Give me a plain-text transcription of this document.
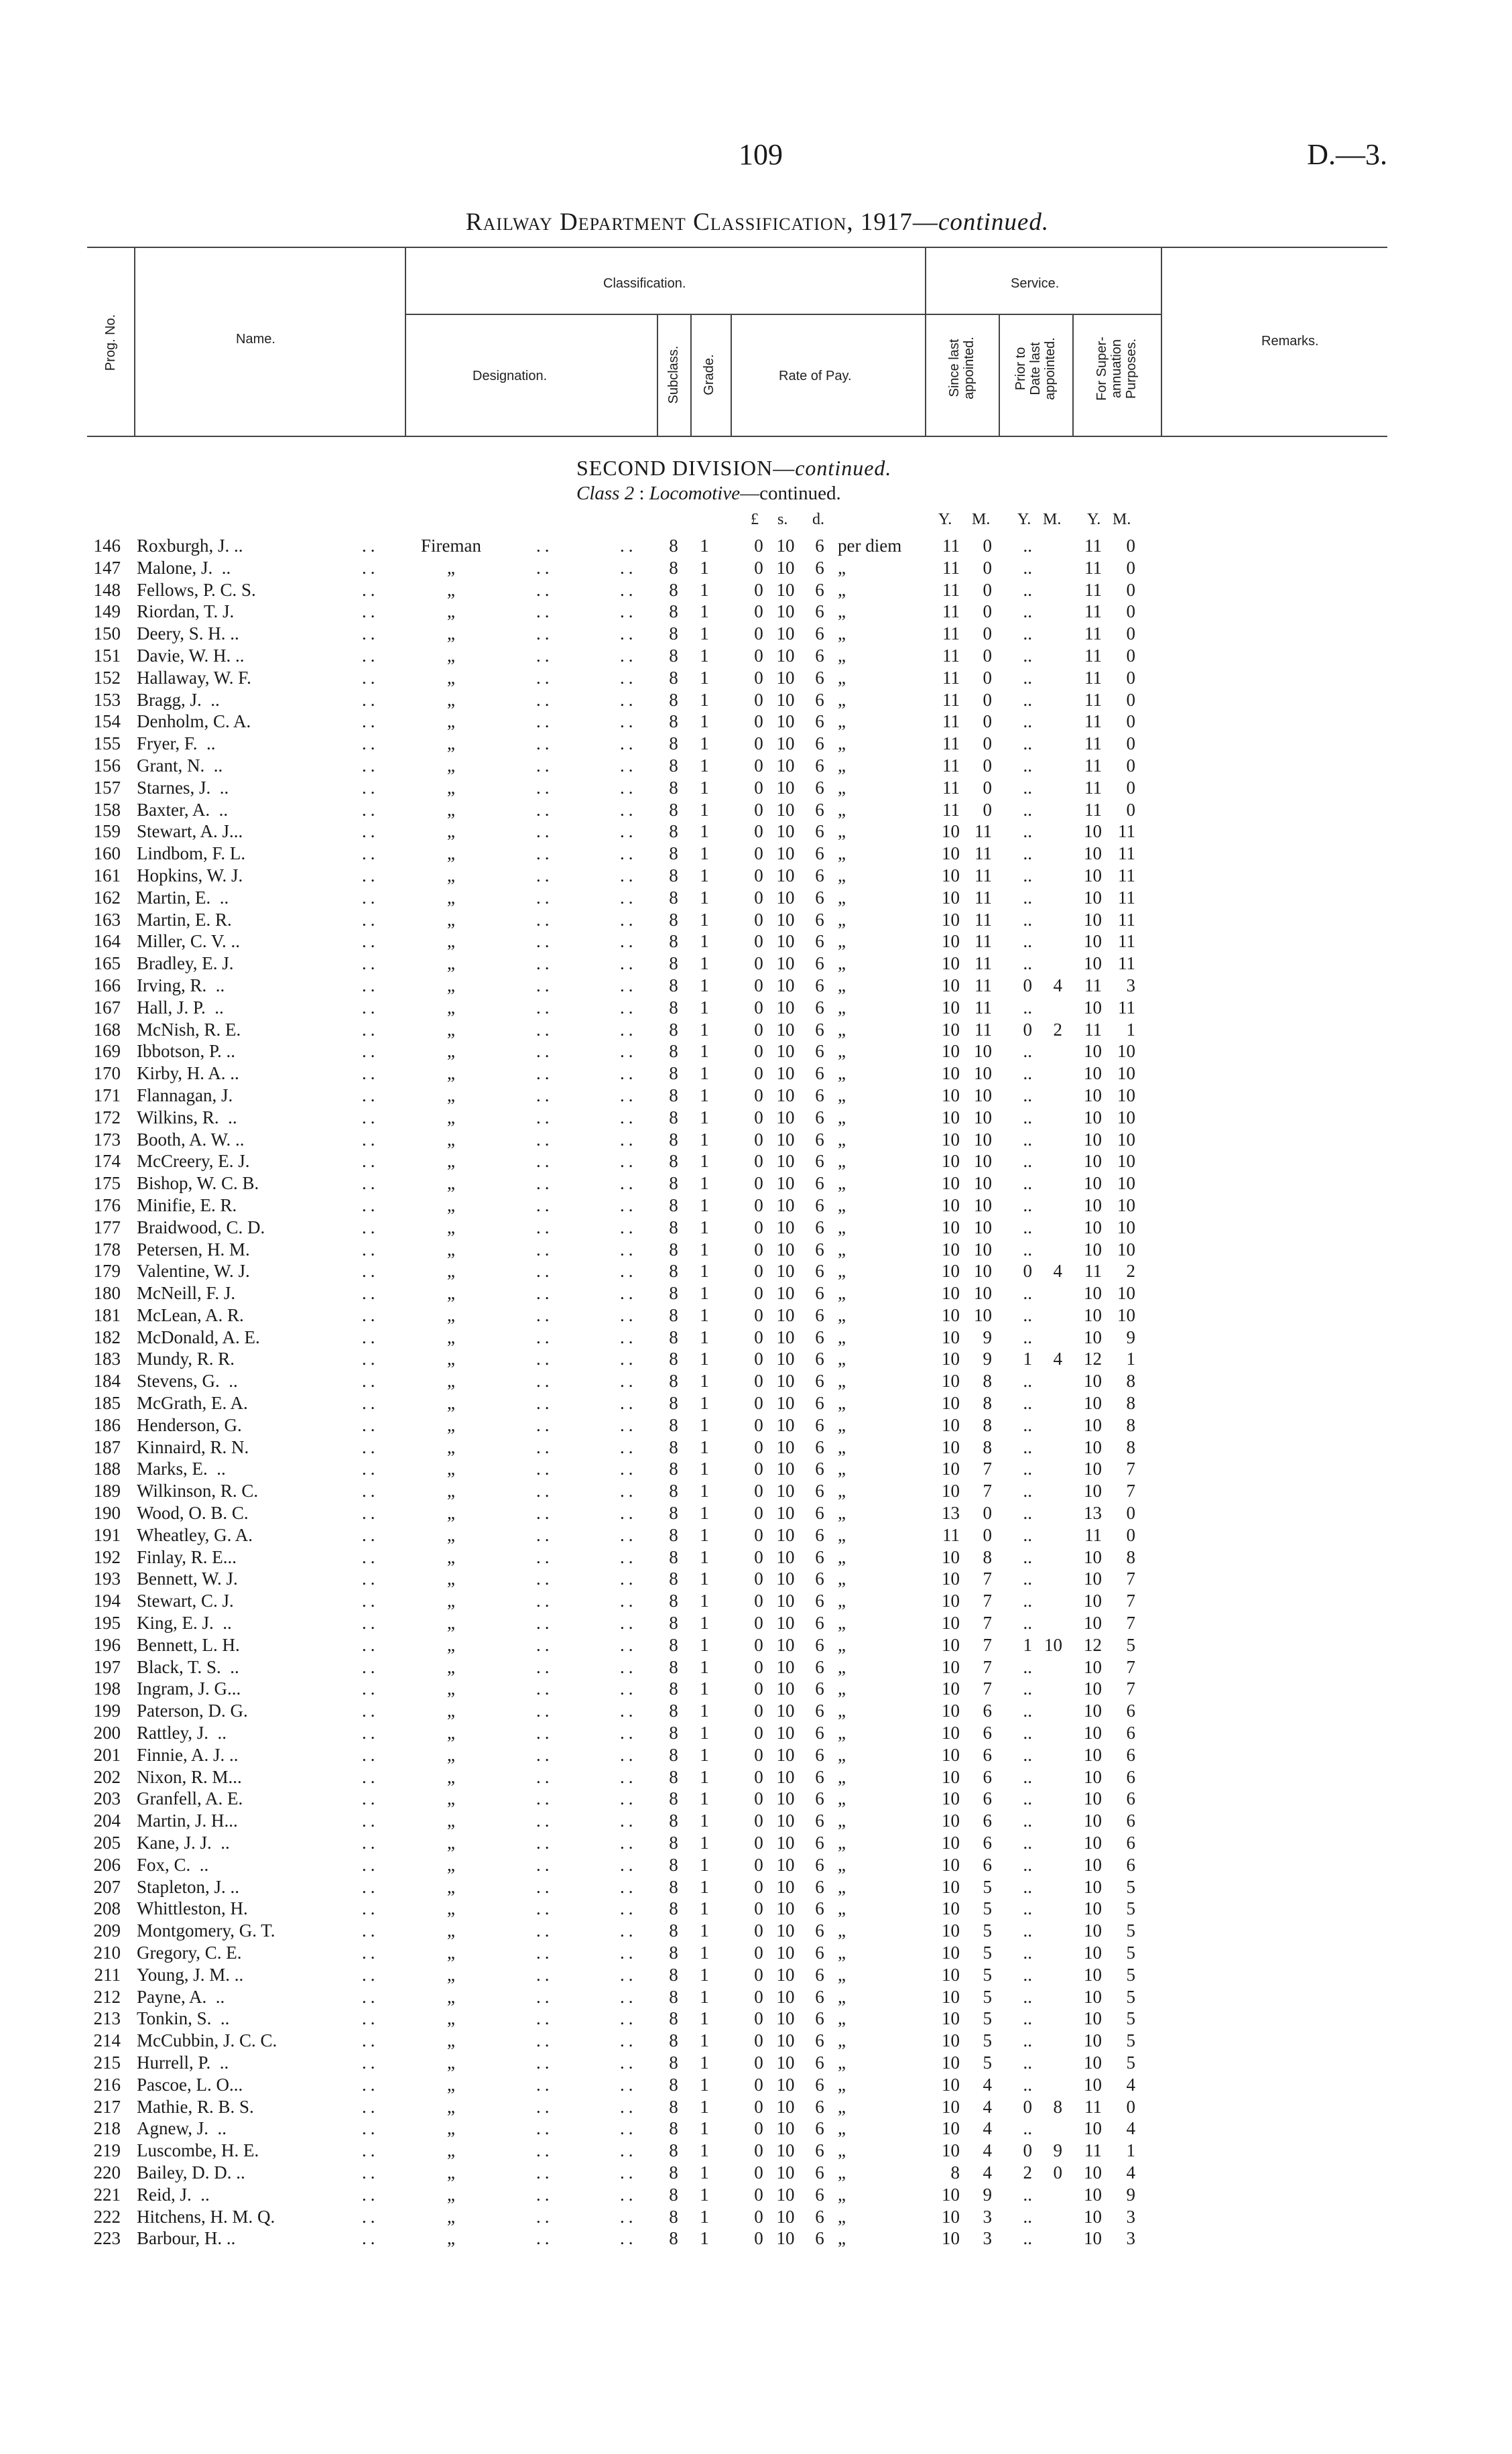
109	D.—3.
Railway Department Classification, 1917—continued.
Prog. No.	Name.
Classification.
Designation.	Subclass. Grade.	Rate of Pay.
Service.
Since last
appointed.	Prior to
Date last
appointed.	For Super-
annuation
Purposes.	Remarks.
SECOND DIVISION—continued.
Class 2 : Locomotive—continued.
£ s. d.	Y. M. Y. M. Y. M.
146 Roxburgh, J. ..	..	Fireman	..	..	8	1	0 10	6 per diem	11	0	..	11	0
147 Malone, J.  ..	..	„	..	..	8	1	0 10	6 „	11	0	..	11	0
148 Fellows, P. C. S.	..	„	..	..	8	1	0 10	6 „	11	0	..	11	0
149 Riordan, T. J.	..	„	..	..	8	1	0 10	6 „	11	0	..	11	0
150 Deery, S. H. ..	..	„	..	..	8	1	0 10	6 „	11	0	..	11	0
151 Davie, W. H. ..	..	„	..	..	8	1	0 10	6 „	11	0	..	11	0
152 Hallaway, W. F.	..	„	..	..	8	1	0 10	6 „	11	0	..	11	0
153 Bragg, J.  ..	..	„	..	..	8	1	0 10	6 „	11	0	..	11	0
154 Denholm, C. A.	..	„	..	..	8	1	0 10	6 „	11	0	..	11	0
155 Fryer, F.  ..	..	„	..	..	8	1	0 10	6 „	11	0	..	11	0
156 Grant, N.  ..	..	„	..	..	8	1	0 10	6 „	11	0	..	11	0
157 Starnes, J.  ..	..	„	..	..	8	1	0 10	6 „	11	0	..	11	0
158 Baxter, A.  ..	..	„	..	..	8	1	0 10	6 „	11	0	..	11	0
159 Stewart, A. J...	..	„	..	..	8	1	0 10	6 „	10 11	..	10 11
160 Lindbom, F. L.	..	„	..	..	8	1	0 10	6 „	10 11	..	10 11
161 Hopkins, W. J.	..	„	..	..	8	1	0 10	6 „	10 11	..	10 11
162 Martin, E.  ..	..	„	..	..	8	1	0 10	6 „	10 11	..	10 11
163 Martin, E. R.	..	„	..	..	8	1	0 10	6 „	10 11	..	10 11
164 Miller, C. V. ..	..	„	..	..	8	1	0 10	6 „	10 11	..	10 11
165 Bradley, E. J.	..	„	..	..	8	1	0 10	6 „	10 11	..	10 11
166 Irving, R.  ..	..	„	..	..	8	1	0 10	6 „	10 11	0	4	11	3
167 Hall, J. P.  ..	..	„	..	..	8	1	0 10	6 „	10 11	..	10 11
168 McNish, R. E.	..	„	..	..	8	1	0 10	6 „	10 11	0	2	11	1
169 Ibbotson, P. ..	..	„	..	..	8	1	0 10	6 „	10 10	..	10 10
170 Kirby, H. A. ..	..	„	..	..	8	1	0 10	6 „	10 10	..	10 10
171 Flannagan, J.	..	„	..	..	8	1	0 10	6 „	10 10	..	10 10
172 Wilkins, R.  ..	..	„	..	..	8	1	0 10	6 „	10 10	..	10 10
173 Booth, A. W. ..	..	„	..	..	8	1	0 10	6 „	10 10	..	10 10
174 McCreery, E. J.	..	„	..	..	8	1	0 10	6 „	10 10	..	10 10
175 Bishop, W. C. B.	..	„	..	..	8	1	0 10	6 „	10 10	..	10 10
176 Minifie, E. R.	..	„	..	..	8	1	0 10	6 „	10 10	..	10 10
177 Braidwood, C. D.	..	„	..	..	8	1	0 10	6 „	10 10	..	10 10
178 Petersen, H. M.	..	„	..	..	8	1	0 10	6 „	10 10	..	10 10
179 Valentine, W. J.	..	„	..	..	8	1	0 10	6 „	10 10	0	4	11	2
180 McNeill, F. J.	..	„	..	..	8	1	0 10	6 „	10 10	..	10 10
181 McLean, A. R.	..	„	..	..	8	1	0 10	6 „	10 10	..	10 10
182 McDonald, A. E.	..	„	..	..	8	1	0 10	6 „	10	9	..	10	9
183 Mundy, R. R.	..	„	..	..	8	1	0 10	6 „	10	9	1	4	12	1
184 Stevens, G.  ..	..	„	..	..	8	1	0 10	6 „	10	8	..	10	8
185 McGrath, E. A.	..	„	..	..	8	1	0 10	6 „	10	8	..	10	8
186 Henderson, G.	..	„	..	..	8	1	0 10	6 „	10	8	..	10	8
187 Kinnaird, R. N.	..	„	..	..	8	1	0 10	6 „	10	8	..	10	8
188 Marks, E.  ..	..	„	..	..	8	1	0 10	6 „	10	7	..	10	7
189 Wilkinson, R. C.	..	„	..	..	8	1	0 10	6 „	10	7	..	10	7
190 Wood, O. B. C.	..	„	..	..	8	1	0 10	6 „	13	0	..	13	0
191 Wheatley, G. A.	..	„	..	..	8	1	0 10	6 „	11	0	..	11	0
192 Finlay, R. E...	..	„	..	..	8	1	0 10	6 „	10	8	..	10	8
193 Bennett, W. J.	..	„	..	..	8	1	0 10	6 „	10	7	..	10	7
194 Stewart, C. J.	..	„	..	..	8	1	0 10	6 „	10	7	..	10	7
195 King, E. J.  ..	..	„	..	..	8	1	0 10	6 „	10	7	..	10	7
196 Bennett, L. H.	..	„	..	..	8	1	0 10	6 „	10	7	1 10	12	5
197 Black, T. S.  ..	..	„	..	..	8	1	0 10	6 „	10	7	..	10	7
198 Ingram, J. G...	..	„	..	..	8	1	0 10	6 „	10	7	..	10	7
199 Paterson, D. G.	..	„	..	..	8	1	0 10	6 „	10	6	..	10	6
200 Rattley, J.  ..	..	„	..	..	8	1	0 10	6 „	10	6	..	10	6
201 Finnie, A. J. ..	..	„	..	..	8	1	0 10	6 „	10	6	..	10	6
202 Nixon, R. M...	..	„	..	..	8	1	0 10	6 „	10	6	..	10	6
203 Granfell, A. E.	..	„	..	..	8	1	0 10	6 „	10	6	..	10	6
204 Martin, J. H...	..	„	..	..	8	1	0 10	6 „	10	6	..	10	6
205 Kane, J. J.  ..	..	„	..	..	8	1	0 10	6 „	10	6	..	10	6
206 Fox, C.  ..	..	„	..	..	8	1	0 10	6 „	10	6	..	10	6
207 Stapleton, J. ..	..	„	..	..	8	1	0 10	6 „	10	5	..	10	5
208 Whittleston, H.	..	„	..	..	8	1	0 10	6 „	10	5	..	10	5
209 Montgomery, G. T.	..	„	..	..	8	1	0 10	6 „	10	5	..	10	5
210 Gregory, C. E.	..	„	..	..	8	1	0 10	6 „	10	5	..	10	5
211 Young, J. M. ..	..	„	..	..	8	1	0 10	6 „	10	5	..	10	5
212 Payne, A.  ..	..	„	..	..	8	1	0 10	6 „	10	5	..	10	5
213 Tonkin, S.  ..	..	„	..	..	8	1	0 10	6 „	10	5	..	10	5
214 McCubbin, J. C. C.	..	„	..	..	8	1	0 10	6 „	10	5	..	10	5
215 Hurrell, P.  ..	..	„	..	..	8	1	0 10	6 „	10	5	..	10	5
216 Pascoe, L. O...	..	„	..	..	8	1	0 10	6 „	10	4	..	10	4
217 Mathie, R. B. S.	..	„	..	..	8	1	0 10	6 „	10	4	0	8	11	0
218 Agnew, J.  ..	..	„	..	..	8	1	0 10	6 „	10	4	..	10	4
219 Luscombe, H. E.	..	„	..	..	8	1	0 10	6 „	10	4	0	9	11	1
220 Bailey, D. D. ..	..	„	..	..	8	1	0 10	6 „	8	4	2	0	10	4
221 Reid, J.  ..	..	„	..	..	8	1	0 10	6 „	10	9	..	10	9
222 Hitchens, H. M. Q.	..	„	..	..	8	1	0 10	6 „	10	3	..	10	3
223 Barbour, H. ..	..	„	..	..	8	1	0 10	6 „	10	3	..	10	3
